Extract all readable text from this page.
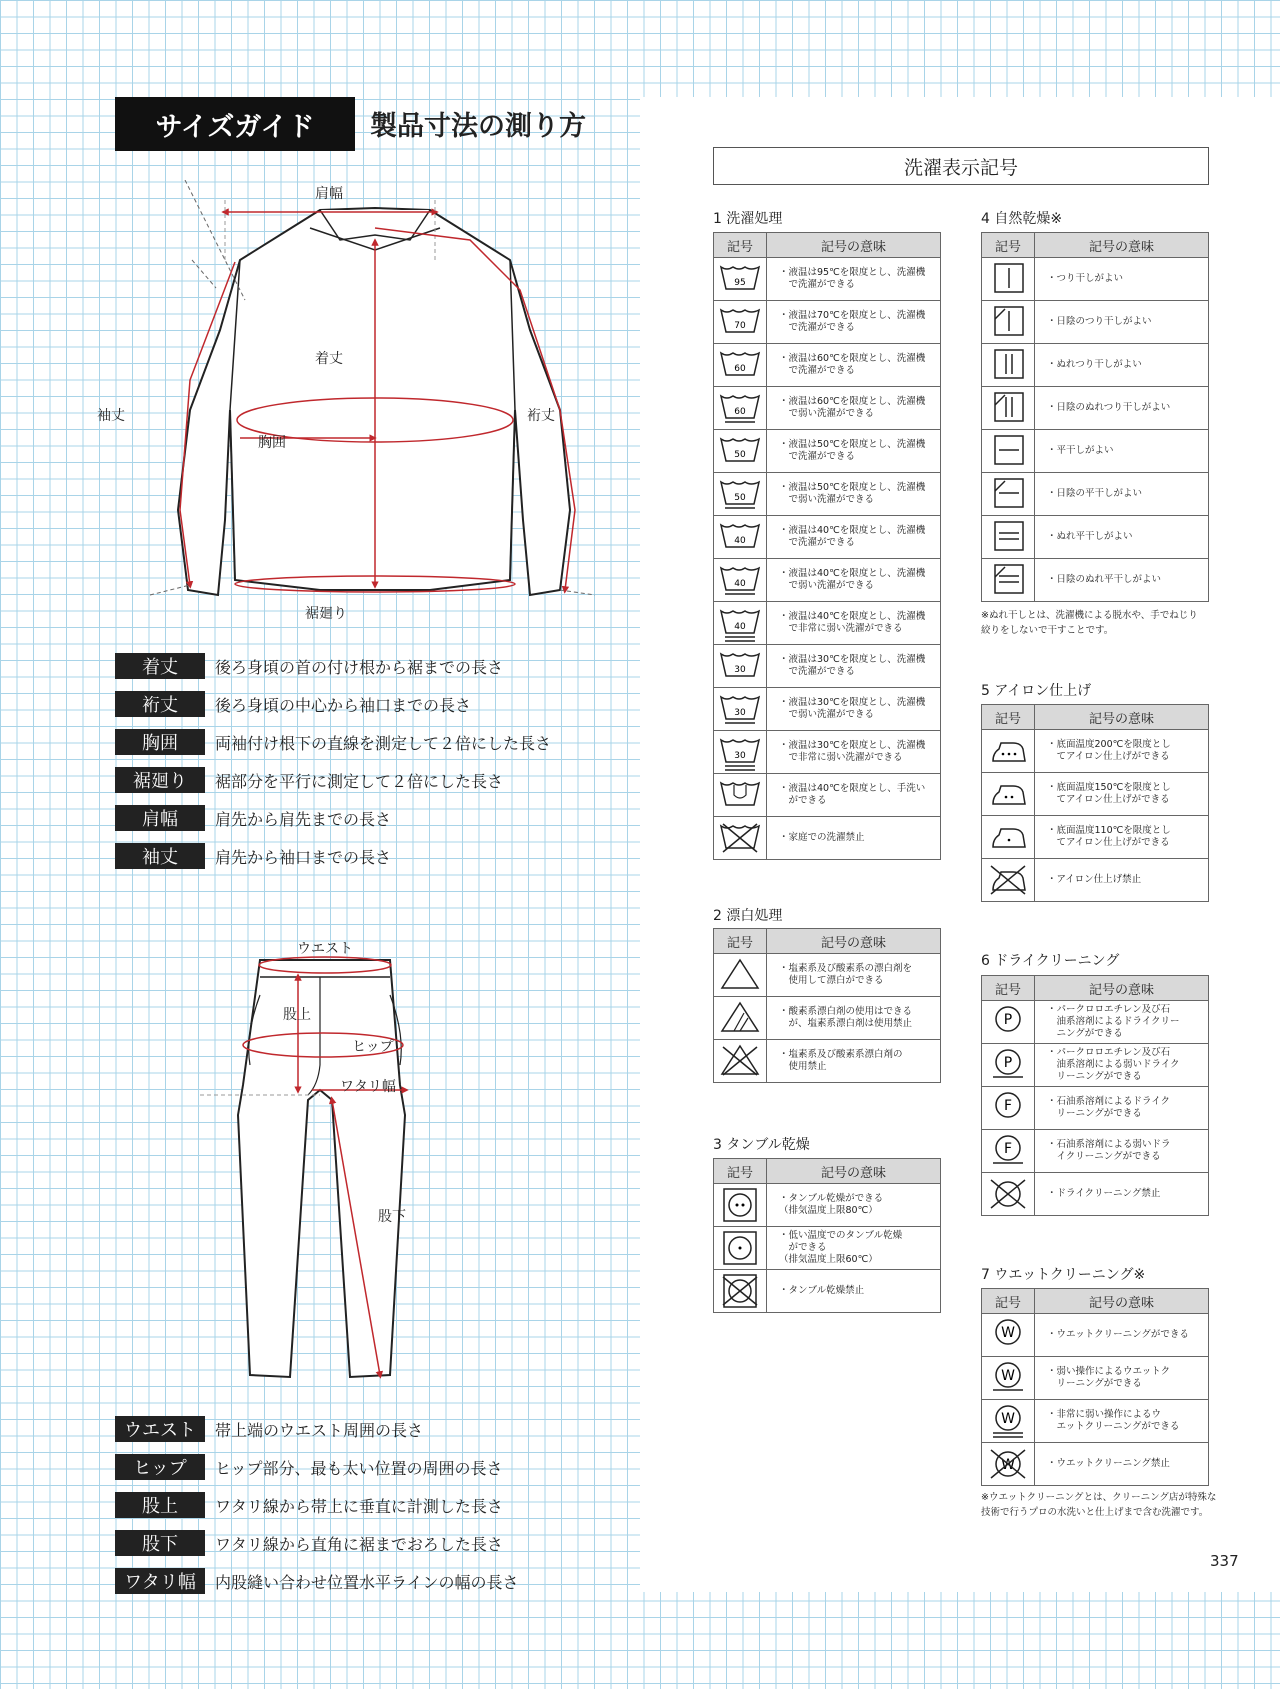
サイズガイド 製品寸法の測り方
肩幅
着丈
袖丈	裄丈
胸囲
裾廻り
着丈	後ろ身頃の首の付け根から裾までの長さ
裄丈	後ろ身頃の中心から袖口までの長さ
胸囲	両袖付け根下の直線を測定して２倍にした長さ
裾廻り	裾部分を平行に測定して２倍にした長さ
肩幅	肩先から肩先までの長さ
袖丈	肩先から袖口までの長さ
ウエスト
股上
ヒップ
ワタリ幅
股下
ウエスト	帯上端のウエスト周囲の長さ
ヒップ	ヒップ部分、最も太い位置の周囲の長さ
股上	ワタリ線から帯上に垂直に計測した長さ
股下	ワタリ線から直角に裾までおろした長さ
ワタリ幅	内股縫い合わせ位置水平ラインの幅の長さ
洗濯表示記号
1 洗濯処理
記号	記号の意味

95	・液温は95℃を限度とし、洗濯機
　で洗濯ができる

70	・液温は70℃を限度とし、洗濯機
　で洗濯ができる

60	・液温は60℃を限度とし、洗濯機
　で洗濯ができる

60	・液温は60℃を限度とし、洗濯機
　で弱い洗濯ができる

50	・液温は50℃を限度とし、洗濯機
　で洗濯ができる

50	・液温は50℃を限度とし、洗濯機
　で弱い洗濯ができる

40	・液温は40℃を限度とし、洗濯機
　で洗濯ができる

40	・液温は40℃を限度とし、洗濯機
　で弱い洗濯ができる

40	・液温は40℃を限度とし、洗濯機
　で非常に弱い洗濯ができる

30	・液温は30℃を限度とし、洗濯機
　で洗濯ができる

30	・液温は30℃を限度とし、洗濯機
　で弱い洗濯ができる

30	・液温は30℃を限度とし、洗濯機
　で非常に弱い洗濯ができる

	・液温は40℃を限度とし、手洗い
　ができる

	・家庭での洗濯禁止
2 漂白処理
記号	記号の意味

	・塩素系及び酸素系の漂白剤を
　使用して漂白ができる

	・酸素系漂白剤の使用はできる
　が、塩素系漂白剤は使用禁止

	・塩素系及び酸素系漂白剤の
　使用禁止
3 タンブル乾燥
記号	記号の意味

	・タンブル乾燥ができる
（排気温度上限80℃）

	・低い温度でのタンブル乾燥
　ができる
（排気温度上限60℃）

	・タンブル乾燥禁止
4 自然乾燥※
記号	記号の意味

	・つり干しがよい

	・日陰のつり干しがよい

	・ぬれつり干しがよい

	・日陰のぬれつり干しがよい

	・平干しがよい

	・日陰の平干しがよい

	・ぬれ平干しがよい

	・日陰のぬれ平干しがよい
※ぬれ干しとは、洗濯機による脱水や、手でねじり
絞りをしないで干すことです。
5 アイロン仕上げ
記号	記号の意味

	・底面温度200℃を限度とし
　てアイロン仕上げができる

	・底面温度150℃を限度とし
　てアイロン仕上げができる

	・底面温度110℃を限度とし
　てアイロン仕上げができる

	・アイロン仕上げ禁止
6 ドライクリーニング
記号	記号の意味

P	・パークロロエチレン及び石
　油系溶剤によるドライクリー
　ニングができる

P	・パークロロエチレン及び石
　油系溶剤による弱いドライク
　リーニングができる

F	・石油系溶剤によるドライク
　リーニングができる

F	・石油系溶剤による弱いドラ
　イクリーニングができる

	・ドライクリーニング禁止
7 ウエットクリーニング※
記号	記号の意味

W	・ウエットクリーニングができる

W	・弱い操作によるウエットク
　リーニングができる

W	・非常に弱い操作によるウ
　エットクリーニングができる

W	・ウエットクリーニング禁止
※ウエットクリーニングとは、クリーニング店が特殊な
技術で行うプロの水洗いと仕上げまで含む洗濯です。
337
